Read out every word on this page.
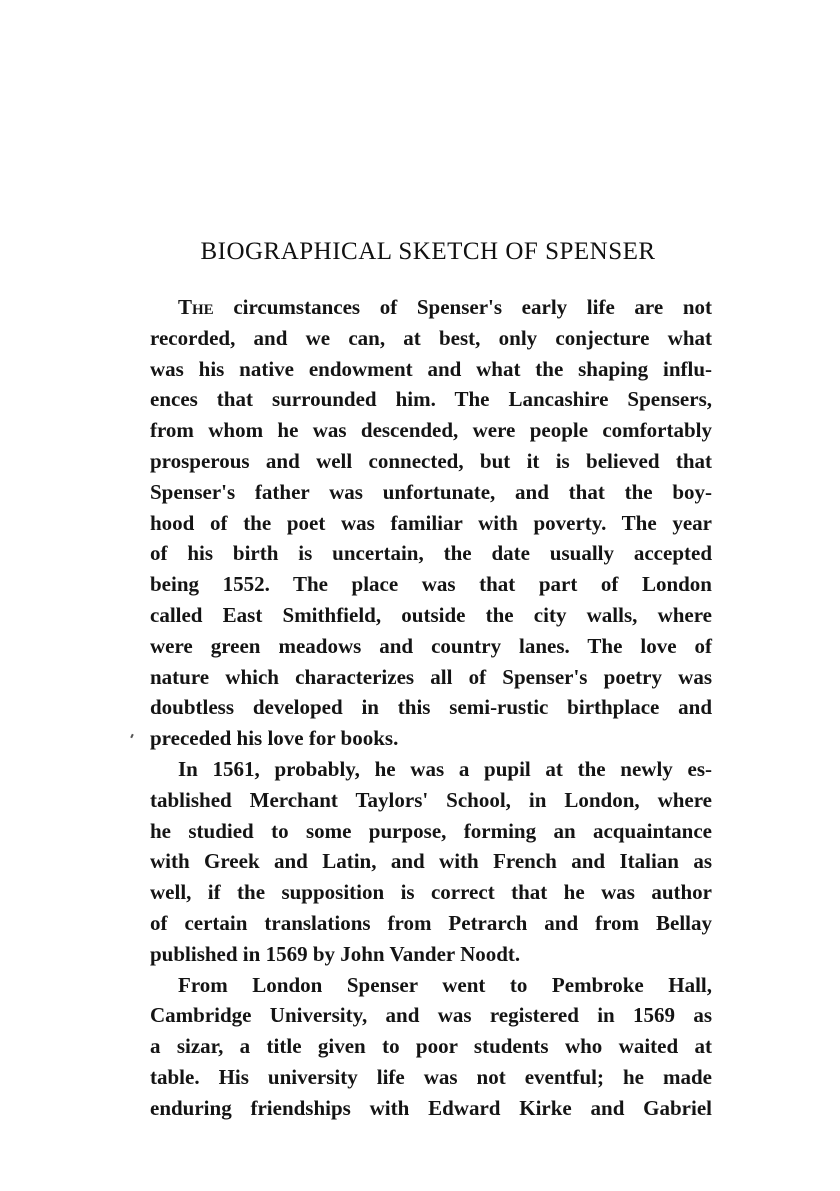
BIOGRAPHICAL SKETCH OF SPENSER
The circumstances of Spenser's early life are not
recorded, and we can, at best, only conjecture what
was his native endowment and what the shaping influ-
ences that surrounded him. The Lancashire Spensers,
from whom he was descended, were people comfortably
prosperous and well connected, but it is believed that
Spenser's father was unfortunate, and that the boy-
hood of the poet was familiar with poverty. The year
of his birth is uncertain, the date usually accepted
being 1552. The place was that part of London
called East Smithfield, outside the city walls, where
were green meadows and country lanes. The love of
nature which characterizes all of Spenser's poetry was
doubtless developed in this semi-rustic birthplace and
preceded his love for books.
In 1561, probably, he was a pupil at the newly es-
tablished Merchant Taylors' School, in London, where
he studied to some purpose, forming an acquaintance
with Greek and Latin, and with French and Italian as
well, if the supposition is correct that he was author
of certain translations from Petrarch and from Bellay
published in 1569 by John Vander Noodt.
From London Spenser went to Pembroke Hall,
Cambridge University, and was registered in 1569 as
a sizar, a title given to poor students who waited at
table. His university life was not eventful; he made
enduring friendships with Edward Kirke and Gabriel
